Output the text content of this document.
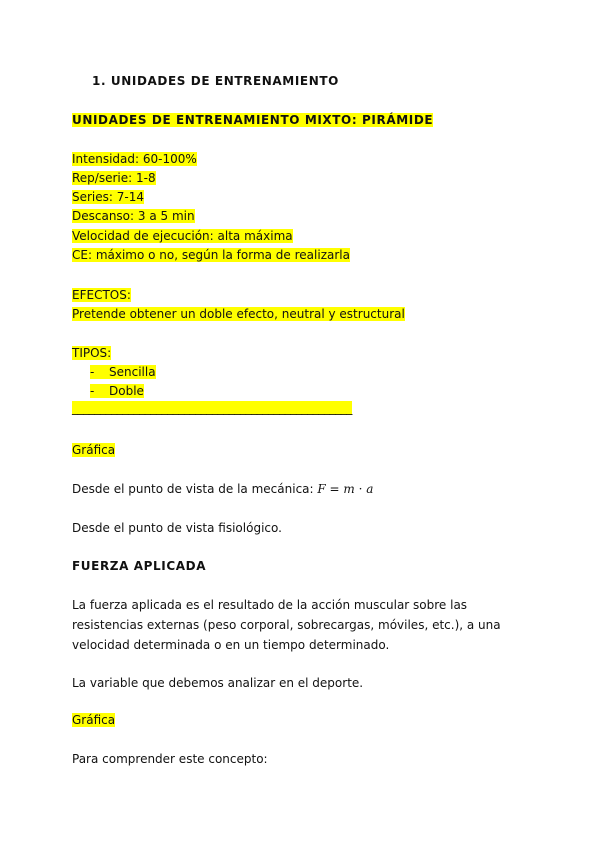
1. UNIDADES DE ENTRENAMIENTO
UNIDADES DE ENTRENAMIENTO MIXTO: PIRÁMIDE
Intensidad: 60-100%
Rep/serie: 1-8
Series: 7-14
Descanso: 3 a 5 min
Velocidad de ejecución: alta máxima
CE: máximo o no, según la forma de realizarla
EFECTOS:
Pretende obtener un doble efecto, neutral y estructural
TIPOS:
- Sencilla
- Doble
__________________________________________________
Gráfica
Desde el punto de vista de la mecánica: F = m · a
Desde el punto de vista fisiológico.
FUERZA APLICADA
La fuerza aplicada es el resultado de la acción muscular sobre las resistencias externas (peso corporal, sobrecargas, móviles, etc.), a una velocidad determinada o en un tiempo determinado.
La variable que debemos analizar en el deporte.
Gráfica
Para comprender este concepto:
